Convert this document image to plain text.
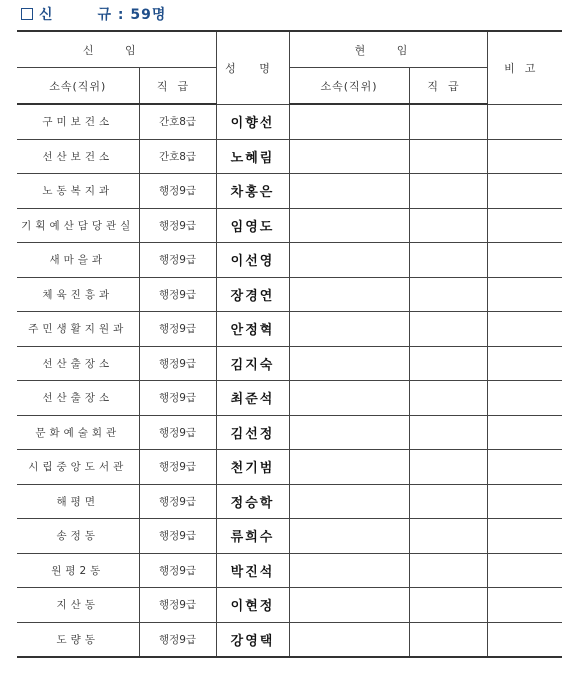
신	규 : 59명
신 임		성 명	현 임		비고
소속(직위)	직급		소속(직위)	직급	
구미보건소	간호8급	이향선			
선산보건소	간호8급	노혜림			
노동복지과	행정9급	차홍은			
기획예산담당관실	행정9급	임영도			
새마을과	행정9급	이선영			
체육진흥과	행정9급	장경연			
주민생활지원과	행정9급	안정혁			
선산출장소	행정9급	김지숙			
선산출장소	행정9급	최준석			
문화예술회관	행정9급	김선정			
시립중앙도서관	행정9급	천기범			
해평면	행정9급	정승학			
송정동	행정9급	류희수			
원평2동	행정9급	박진석			
지산동	행정9급	이현정			
도량동	행정9급	강영택			
